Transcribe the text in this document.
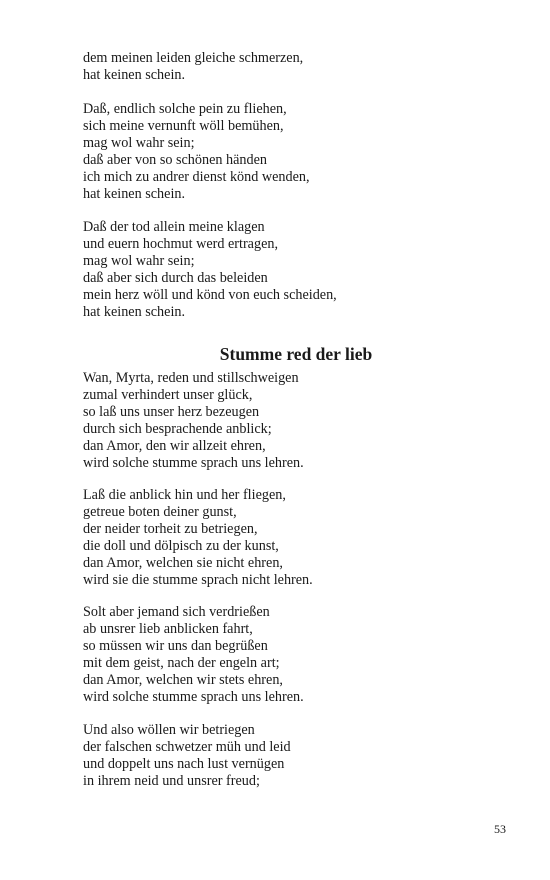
dem meinen leiden gleiche schmerzen,
hat keinen schein.
Daß, endlich solche pein zu fliehen,
sich meine vernunft wöll bemühen,
mag wol wahr sein;
daß aber von so schönen händen
ich mich zu andrer dienst könd wenden,
hat keinen schein.
Daß der tod allein meine klagen
und euern hochmut werd ertragen,
mag wol wahr sein;
daß aber sich durch das beleiden
mein herz wöll und könd von euch scheiden,
hat keinen schein.
Stumme red der lieb
Wan, Myrta, reden und stillschweigen
zumal verhindert unser glück,
so laß uns unser herz bezeugen
durch sich besprachende anblick;
dan Amor, den wir allzeit ehren,
wird solche stumme sprach uns lehren.
Laß die anblick hin und her fliegen,
getreue boten deiner gunst,
der neider torheit zu betriegen,
die doll und dölpisch zu der kunst,
dan Amor, welchen sie nicht ehren,
wird sie die stumme sprach nicht lehren.
Solt aber jemand sich verdrießen
ab unsrer lieb anblicken fahrt,
so müssen wir uns dan begrüßen
mit dem geist, nach der engeln art;
dan Amor, welchen wir stets ehren,
wird solche stumme sprach uns lehren.
Und also wöllen wir betriegen
der falschen schwetzer müh und leid
und doppelt uns nach lust vernügen
in ihrem neid und unsrer freud;
53
